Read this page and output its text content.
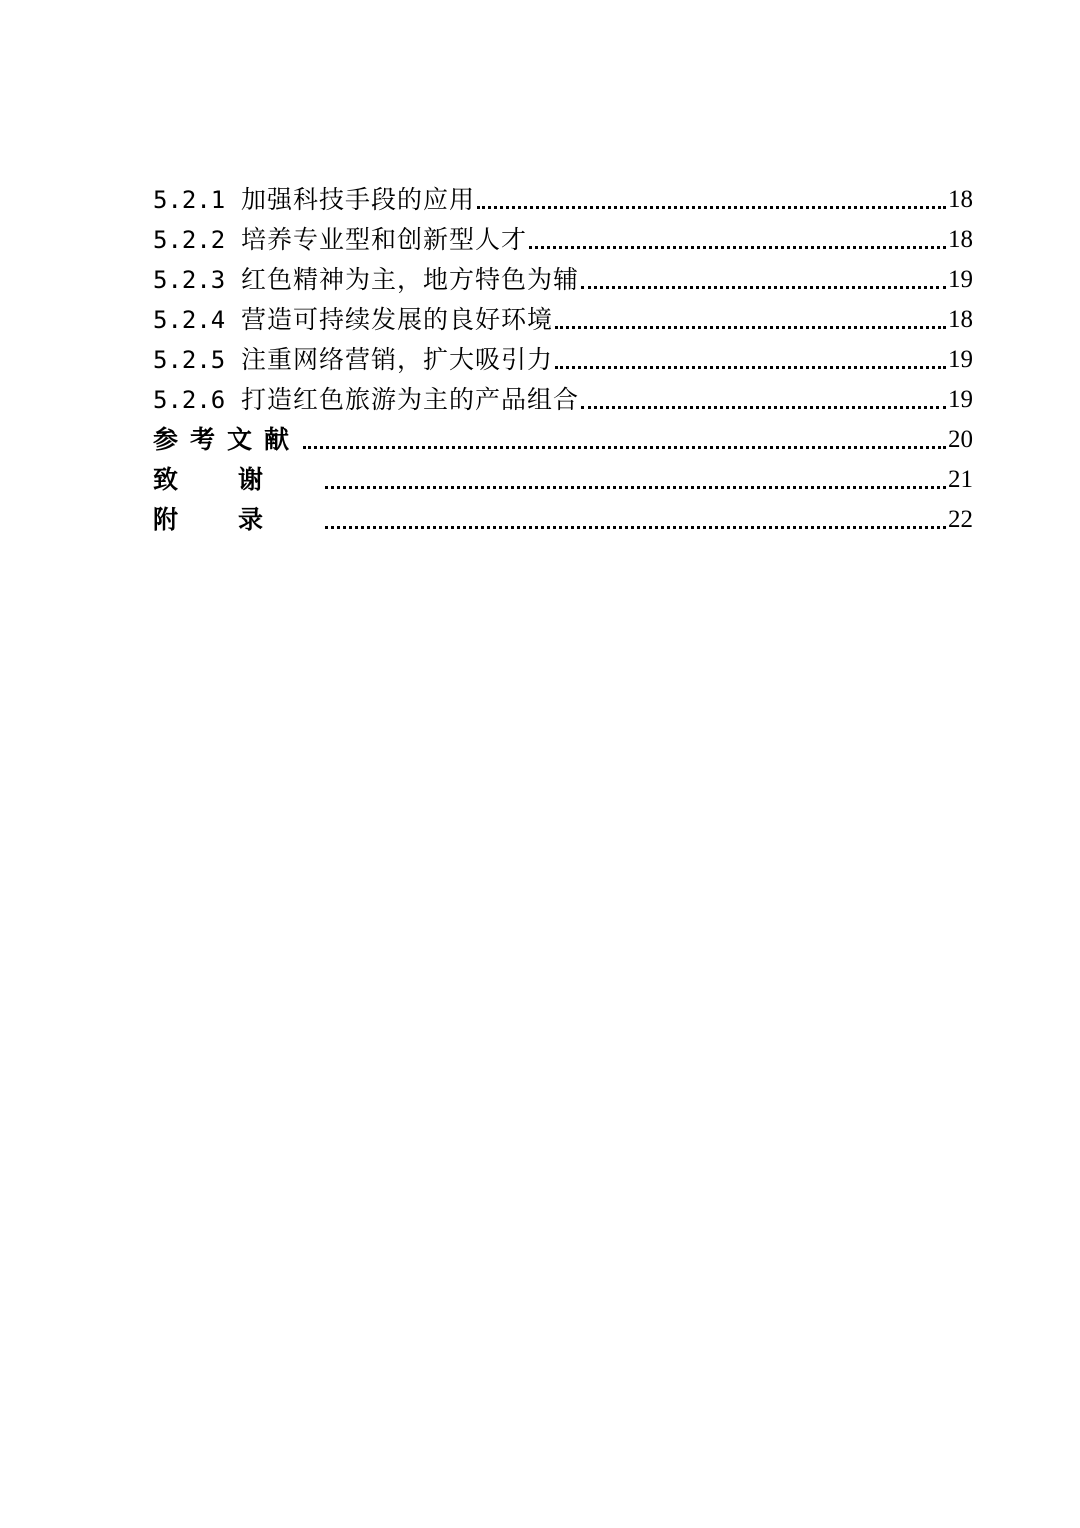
5.2.1 加强科技手段的应用	18
5.2.2 培养专业型和创新型人才	18
5.2.3 红色精神为主，地方特色为辅	19
5.2.4 营造可持续发展的良好环境	18
5.2.5 注重网络营销，扩大吸引力	19
5.2.6 打造红色旅游为主的产品组合	19
参考文献	20
致谢	21
附录	22
